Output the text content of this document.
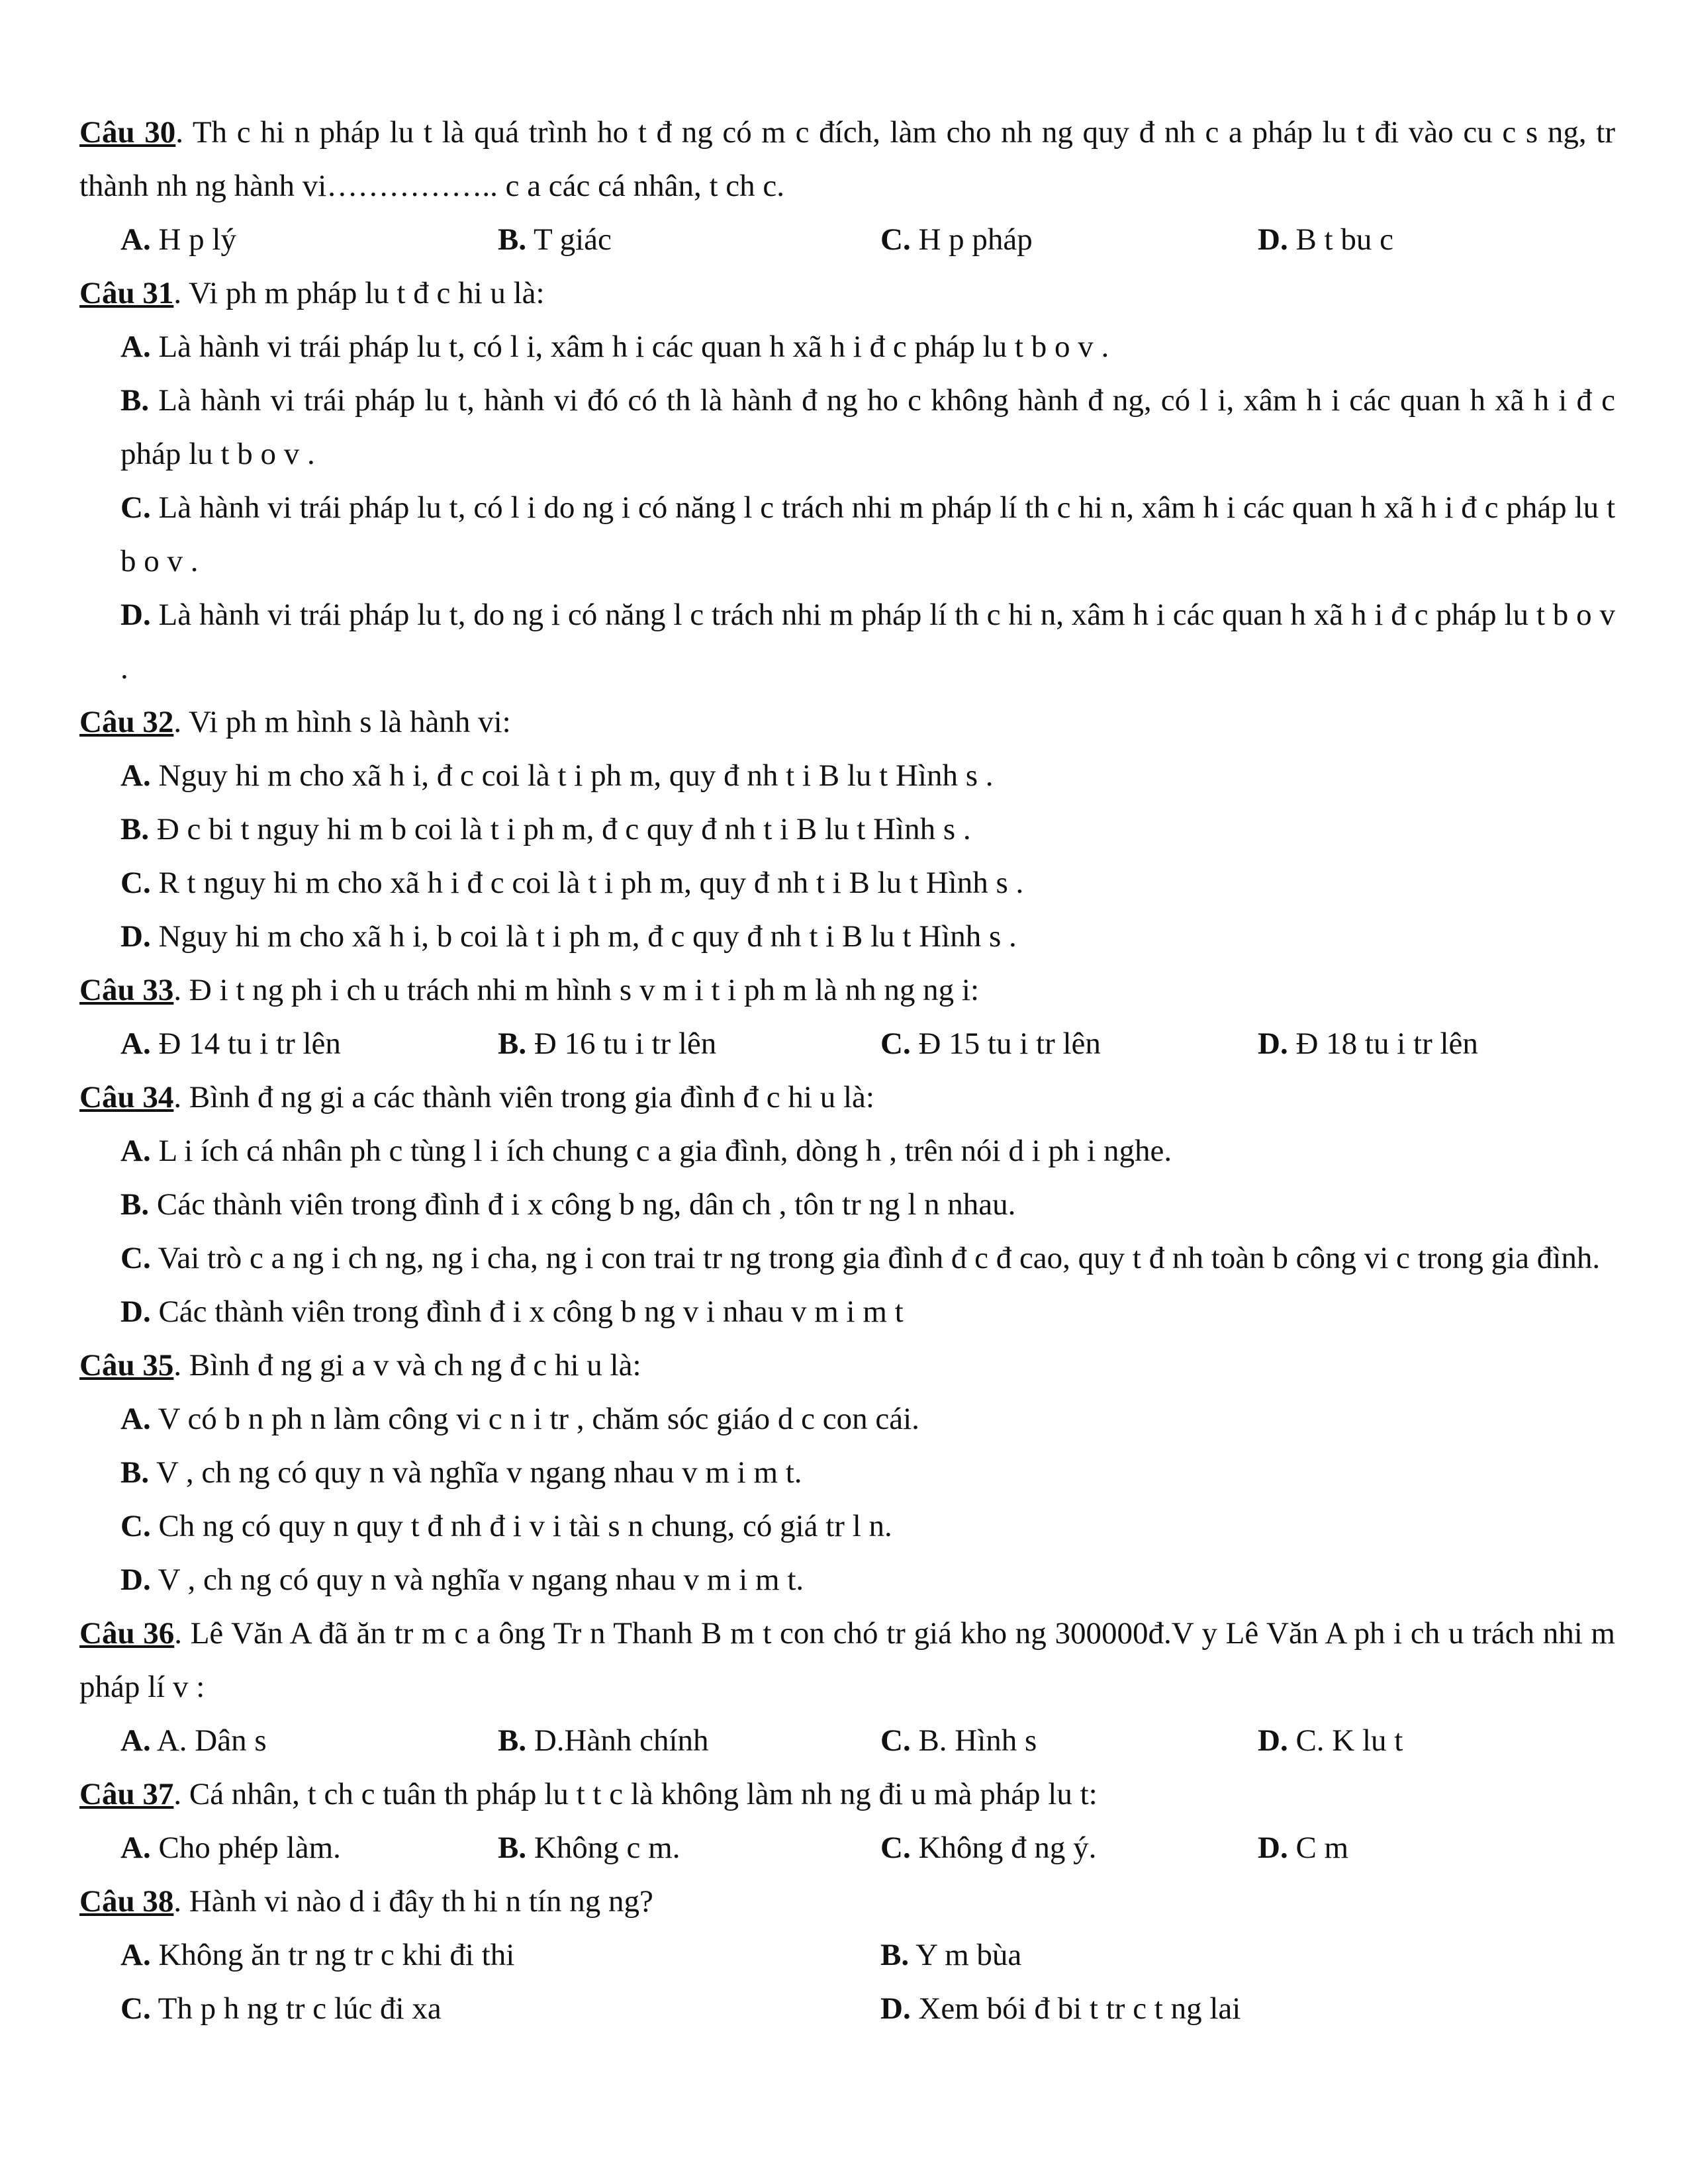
Câu 30. Th c hi n pháp lu t là quá trình ho t đ ng có m c đích, làm cho nh ng quy đ nh c a pháp lu t đi vào cu c s ng, tr thành nh ng hành vi…………….. c a các cá nhân, t ch c.
A. H p lý	B. T giác	C. H p pháp	D. B t bu c
Câu 31. Vi ph m pháp lu t đ c hi u là:
A. Là hành vi trái pháp lu t, có l i, xâm h i các quan h xã h i đ c pháp lu t b o v .
B. Là hành vi trái pháp lu t, hành vi đó có th là hành đ ng ho c không hành đ ng, có l i, xâm h i các quan h xã h i đ c pháp lu t b o v .
C. Là hành vi trái pháp lu t, có l i do ng i có năng l c trách nhi m pháp lí th c hi n, xâm h i các quan h xã h i đ c pháp lu t b o v .
D. Là hành vi trái pháp lu t, do ng i có năng l c trách nhi m pháp lí th c hi n, xâm h i các quan h xã h i đ c pháp lu t b o v .
Câu 32. Vi ph m hình s là hành vi:
A. Nguy hi m cho xã h i, đ c coi là t i ph m, quy đ nh t i B lu t Hình s .
B. Đ c bi t nguy hi m b coi là t i ph m, đ c quy đ nh t i B lu t Hình s .
C. R t nguy hi m cho xã h i đ c coi là t i ph m, quy đ nh t i B lu t Hình s .
D. Nguy hi m cho xã h i, b coi là t i ph m, đ c quy đ nh t i B lu t Hình s .
Câu 33. Đ i t ng ph i ch u trách nhi m hình s v m i t i ph m là nh ng ng i:
A. Đ 14 tu i tr lên	B. Đ 16 tu i tr lên	C. Đ 15 tu i tr lên	D. Đ 18 tu i tr lên
Câu 34. Bình đ ng gi a các thành viên trong gia đình đ c hi u là:
A. L i ích cá nhân ph c tùng l i ích chung c a gia đình, dòng h , trên nói d i ph i nghe.
B. Các thành viên trong đình đ i x công b ng, dân ch , tôn tr ng l n nhau.
C. Vai trò c a ng i ch ng, ng i cha, ng i con trai tr ng trong gia đình đ c đ cao, quy t đ nh toàn b công vi c trong gia đình.
D. Các thành viên trong đình đ i x công b ng v i nhau v m i m t
Câu 35. Bình đ ng gi a v và ch ng đ c hi u là:
A. V có b n ph n làm công vi c n i tr , chăm sóc giáo d c con cái.
B. V , ch ng có quy n và nghĩa v ngang nhau v m i m t.
C. Ch ng có quy n quy t đ nh đ i v i tài s n chung, có giá tr l n.
D. V , ch ng có quy n và nghĩa v ngang nhau v m i m t.
Câu 36. Lê Văn A đã ăn tr m c a ông Tr n Thanh B m t con chó tr giá kho ng 300000đ.V y Lê Văn A ph i ch u trách nhi m pháp lí v :
A. A. Dân s	B. D.Hành chính	C. B. Hình s	D. C. K lu t
Câu 37. Cá nhân, t ch c tuân th pháp lu t t c là không làm nh ng đi u mà pháp lu t:
A. Cho phép làm.	B. Không c m.	C. Không đ ng ý.	D. C m
Câu 38. Hành vi nào d i đây th hi n tín ng ng?
A. Không ăn tr ng tr c khi đi thi	B. Y m bùa
C. Th p h ng tr c lúc đi xa	D. Xem bói đ bi t tr c t ng lai
